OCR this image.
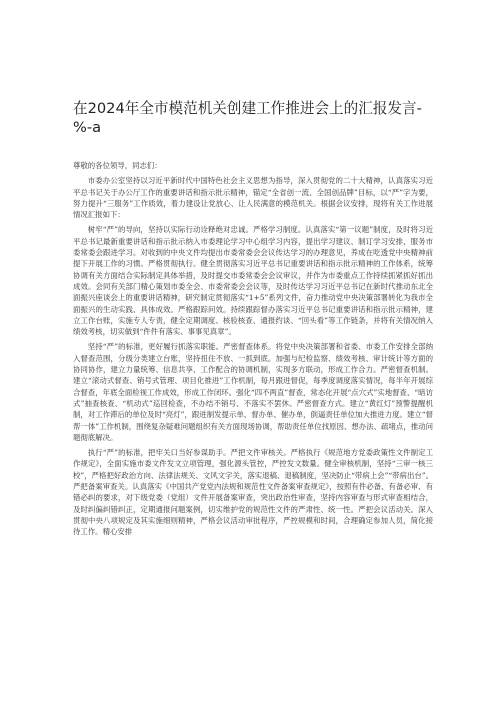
在2024年全市模范机关创建工作推进会上的汇报发言-%-a

尊敬的各位领导，同志们：

市委办公室坚持以习近平新时代中国特色社会主义思想为指导，深入贯彻党的二十大精神，认真落实习近平总书记关于办公厅工作的重要讲话和指示批示精神，锚定“全省创一流、全国创品牌”目标，以“严”字为要，努力提升“三服务”工作质效，着力建设让党放心、让人民满意的模范机关。根据会议安排，现将有关工作进展情况汇报如下：

树牢“严”的导向，坚持以实际行动诠释绝对忠诚。严格学习制度。认真落实“第一议题”制度，及时将习近平总书记最新重要讲话和指示批示纳入市委理论学习中心组学习内容，提出学习建议、制订学习安排，服务市委常委会跟进学习。对收到的中央文件均提出市委常委会会议传达学习的办理意见，养成在吃透党中央精神前提下开展工作的习惯。严格贯彻执行。健全贯彻落实习近平总书记重要讲话和指示批示精神的工作体系，统筹协调有关方面结合实际制定具体举措，及时提交市委常委会会议审议，并作为市委重点工作持续抓紧抓好抓出成效。会同有关部门精心策划市委全会、市委常委会会议等，及时传达学习习近平总书记在新时代推动东北全面振兴座谈会上的重要讲话精神，研究制定贯彻落实“1+5”系列文件，奋力推动党中央决策部署转化为我市全面振兴的生动实践、具体成效。严格跟踪问效。持续跟踪督办落实习近平总书记重要讲话和指示批示精神，建立工作台账，实施专人专责，健全定期调度、核验核查、通报约谈、“回头看”等工作链条，并将有关情况纳入绩效考核，切实做到“件件有落实、事事见真章”。

坚持“严”的标准，更好履行抓落实职能。严密督查体系。将党中央决策部署和省委、市委工作安排全部纳入督查范围，分级分类建立台账，坚持扭住不放、一抓到底。加强与纪检监察、绩效考核、审计统计等方面的协同协作，建立力量统筹、信息共享、工作配合的协调机制，实现多方联动，形成工作合力。严密督查机制。建立“滚动式督查、销号式管理、项目化推进”工作机制，每月跟进督促，每季度调度落实情况，每半年开展综合督查，年底全面检视工作成效，形成工作闭环。强化“四不两直”督查，常态化开展“点穴式”实地督查、“暗访式”抽查核查、“机动式”巡回检查，不办结不销号、不落实不罢休。严密督查方式。建立“黄红灯”预警提醒机制，对工作滞后的单位及时“亮灯”，跟进制发提示单、督办单、催办单，倒逼责任单位加大推进力度。建立“督帮一体”工作机制，围绕复杂疑难问题组织有关方面现场协调，帮助责任单位找原因、想办法、疏堵点，推动问题彻底解决。

执行“严”的标准，把牢关口当好参谋助手。严把文件审核关。严格执行《规范地方党委政策性文件制定工作规定》，全面实施市委文件发文立项管理，强化源头管控，严控发文数量。健全审核机制，坚持“三审一核三校”，严格把好政治方向、法律法规关、文风文字关，落实退稿、退稿制度，坚决防止“带病上会”“带病出台”。严把备案审查关。认真落实《中国共产党党内法规和规范性文件备案审查规定》，按照有件必备、有备必审、有错必纠的要求，对下级党委（党组）文件开展备案审查，突出政治性审查，坚持内容审查与形式审查相结合，及时纠偏纠错纠正，定期通报问题案例，切实维护党的规范性文件的严肃性、统一性。严把会议活动关。深入贯彻中央八项规定及其实施细则精神，严格会议活动审批程序，严控规模和时间，合理确定参加人员，简化接待工作。精心安排
